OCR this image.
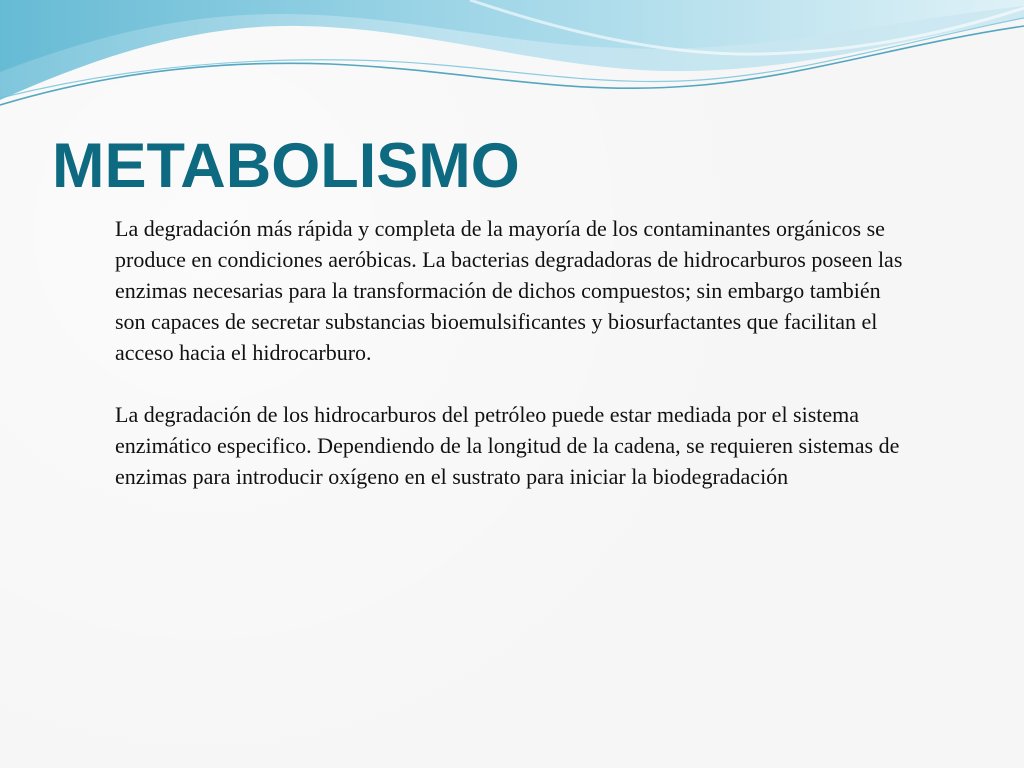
METABOLISMO

La degradación más rápida y completa de la mayoría de los contaminantes orgánicos se produce en condiciones aeróbicas. La bacterias degradadoras de hidrocarburos poseen las enzimas necesarias para la transformación de dichos compuestos; sin embargo también son capaces de secretar substancias bioemulsificantes y biosurfactantes que facilitan el acceso hacia el hidrocarburo.

La degradación de los hidrocarburos del petróleo puede estar mediada por el sistema enzimático especifico. Dependiendo de la longitud de la cadena, se requieren sistemas de enzimas para introducir oxígeno en el sustrato para iniciar la biodegradación
